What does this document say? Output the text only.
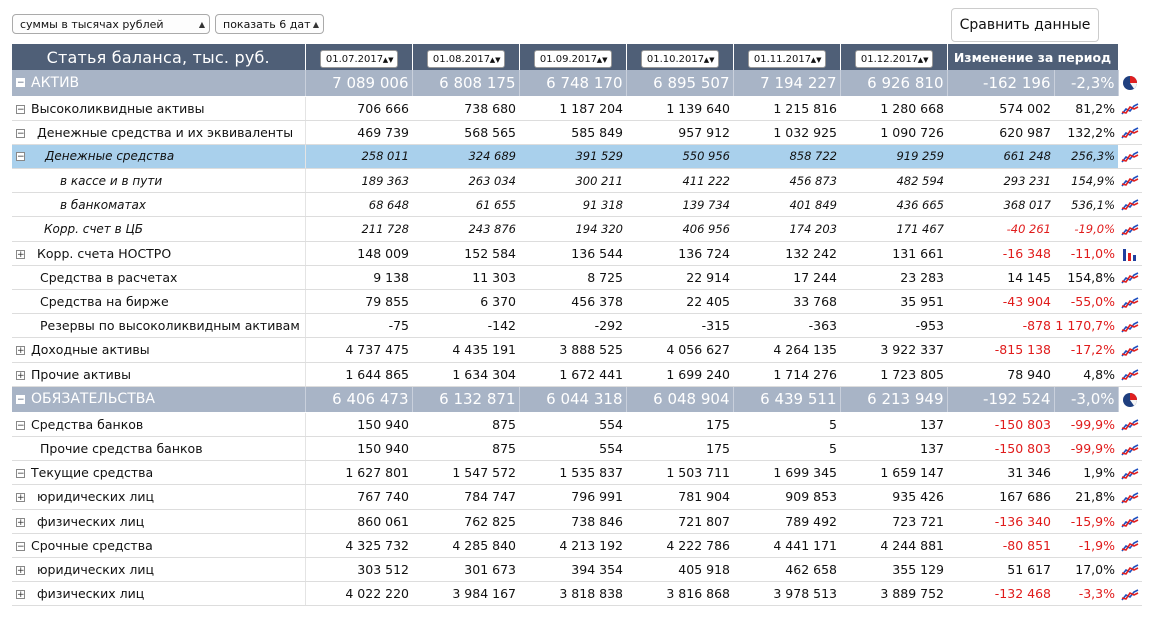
суммы в тысячах рублей	▲	показать 6 дат ▲	Сравнить данные
Статья баланса, тыс. руб.	01.07.2017 ▲▼	01.08.2017 ▲▼	01.09.2017 ▲▼	01.10.2017 ▲▼	01.11.2017 ▲▼	01.12.2017 ▲▼	Изменение за период		
− АКТИВ	7 089 006	6 808 175	6 748 170	6 895 507	7 194 227	6 926 810	-162 196	-2,3%	
− Высоколиквидные активы	706 666	738 680	1 187 204	1 139 640	1 215 816	1 280 668	574 002	81,2%	
− Денежные средства и их эквиваленты	469 739	568 565	585 849	957 912	1 032 925	1 090 726	620 987	132,2%	
− Денежные средства	258 011	324 689	391 529	550 956	858 722	919 259	661 248	256,3%	
в кассе и в пути	189 363	263 034	300 211	411 222	456 873	482 594	293 231	154,9%	
в банкоматах	68 648	61 655	91 318	139 734	401 849	436 665	368 017	536,1%	
Корр. счет в ЦБ	211 728	243 876	194 320	406 956	174 203	171 467	-40 261	-19,0%	
+ Корр. счета НОСТРО	148 009	152 584	136 544	136 724	132 242	131 661	-16 348	-11,0%	
Средства в расчетах	9 138	11 303	8 725	22 914	17 244	23 283	14 145	154,8%	
Средства на бирже	79 855	6 370	456 378	22 405	33 768	35 951	-43 904	-55,0%	
Резервы по высоколиквидным активам	-75	-142	-292	-315	-363	-953	-878	1 170,7%	
+ Доходные активы	4 737 475	4 435 191	3 888 525	4 056 627	4 264 135	3 922 337	-815 138	-17,2%	
+ Прочие активы	1 644 865	1 634 304	1 672 441	1 699 240	1 714 276	1 723 805	78 940	4,8%	
− ОБЯЗАТЕЛЬСТВА	6 406 473	6 132 871	6 044 318	6 048 904	6 439 511	6 213 949	-192 524	-3,0%	
− Средства банков	150 940	875	554	175	5	137	-150 803	-99,9%	
Прочие средства банков	150 940	875	554	175	5	137	-150 803	-99,9%	
− Текущие средства	1 627 801	1 547 572	1 535 837	1 503 711	1 699 345	1 659 147	31 346	1,9%	
+ юридических лиц	767 740	784 747	796 991	781 904	909 853	935 426	167 686	21,8%	
+ физических лиц	860 061	762 825	738 846	721 807	789 492	723 721	-136 340	-15,9%	
− Срочные средства	4 325 732	4 285 840	4 213 192	4 222 786	4 441 171	4 244 881	-80 851	-1,9%	
+ юридических лиц	303 512	301 673	394 354	405 918	462 658	355 129	51 617	17,0%	
+ физических лиц	4 022 220	3 984 167	3 818 838	3 816 868	3 978 513	3 889 752	-132 468	-3,3%	
